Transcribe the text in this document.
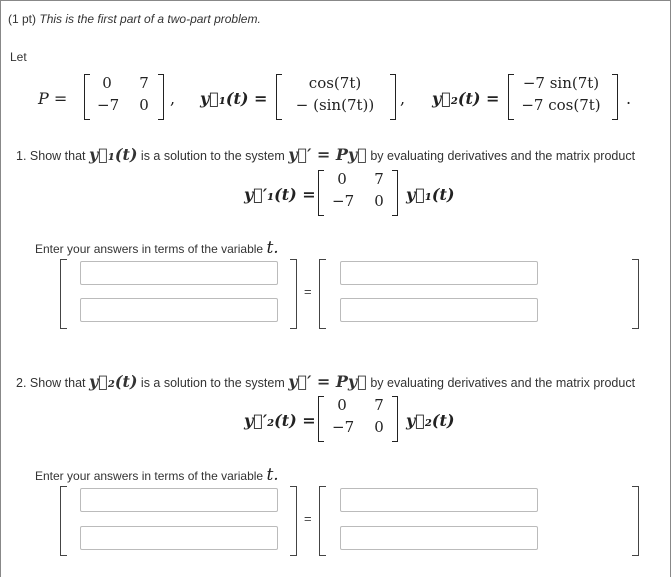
(1 pt) This is the first part of a two-part problem.
Let
P =
0	7
−7	0	, y⃗₁(t) =
cos(7t)
− (sin(7t))	, y⃗₂(t) =
−7 sin(7t)
−7 cos(7t)	.
1. Show that y⃗₁(t) is a solution to the system y⃗′ = Py⃗ by evaluating derivatives and the matrix product
y⃗′₁(t) =
0	7
−7	0	y⃗₁(t)
Enter your answers in terms of the variable t.
=
2. Show that y⃗₂(t) is a solution to the system y⃗′ = Py⃗ by evaluating derivatives and the matrix product
y⃗′₂(t) =
0	7
−7	0	y⃗₂(t)
Enter your answers in terms of the variable t.
=
